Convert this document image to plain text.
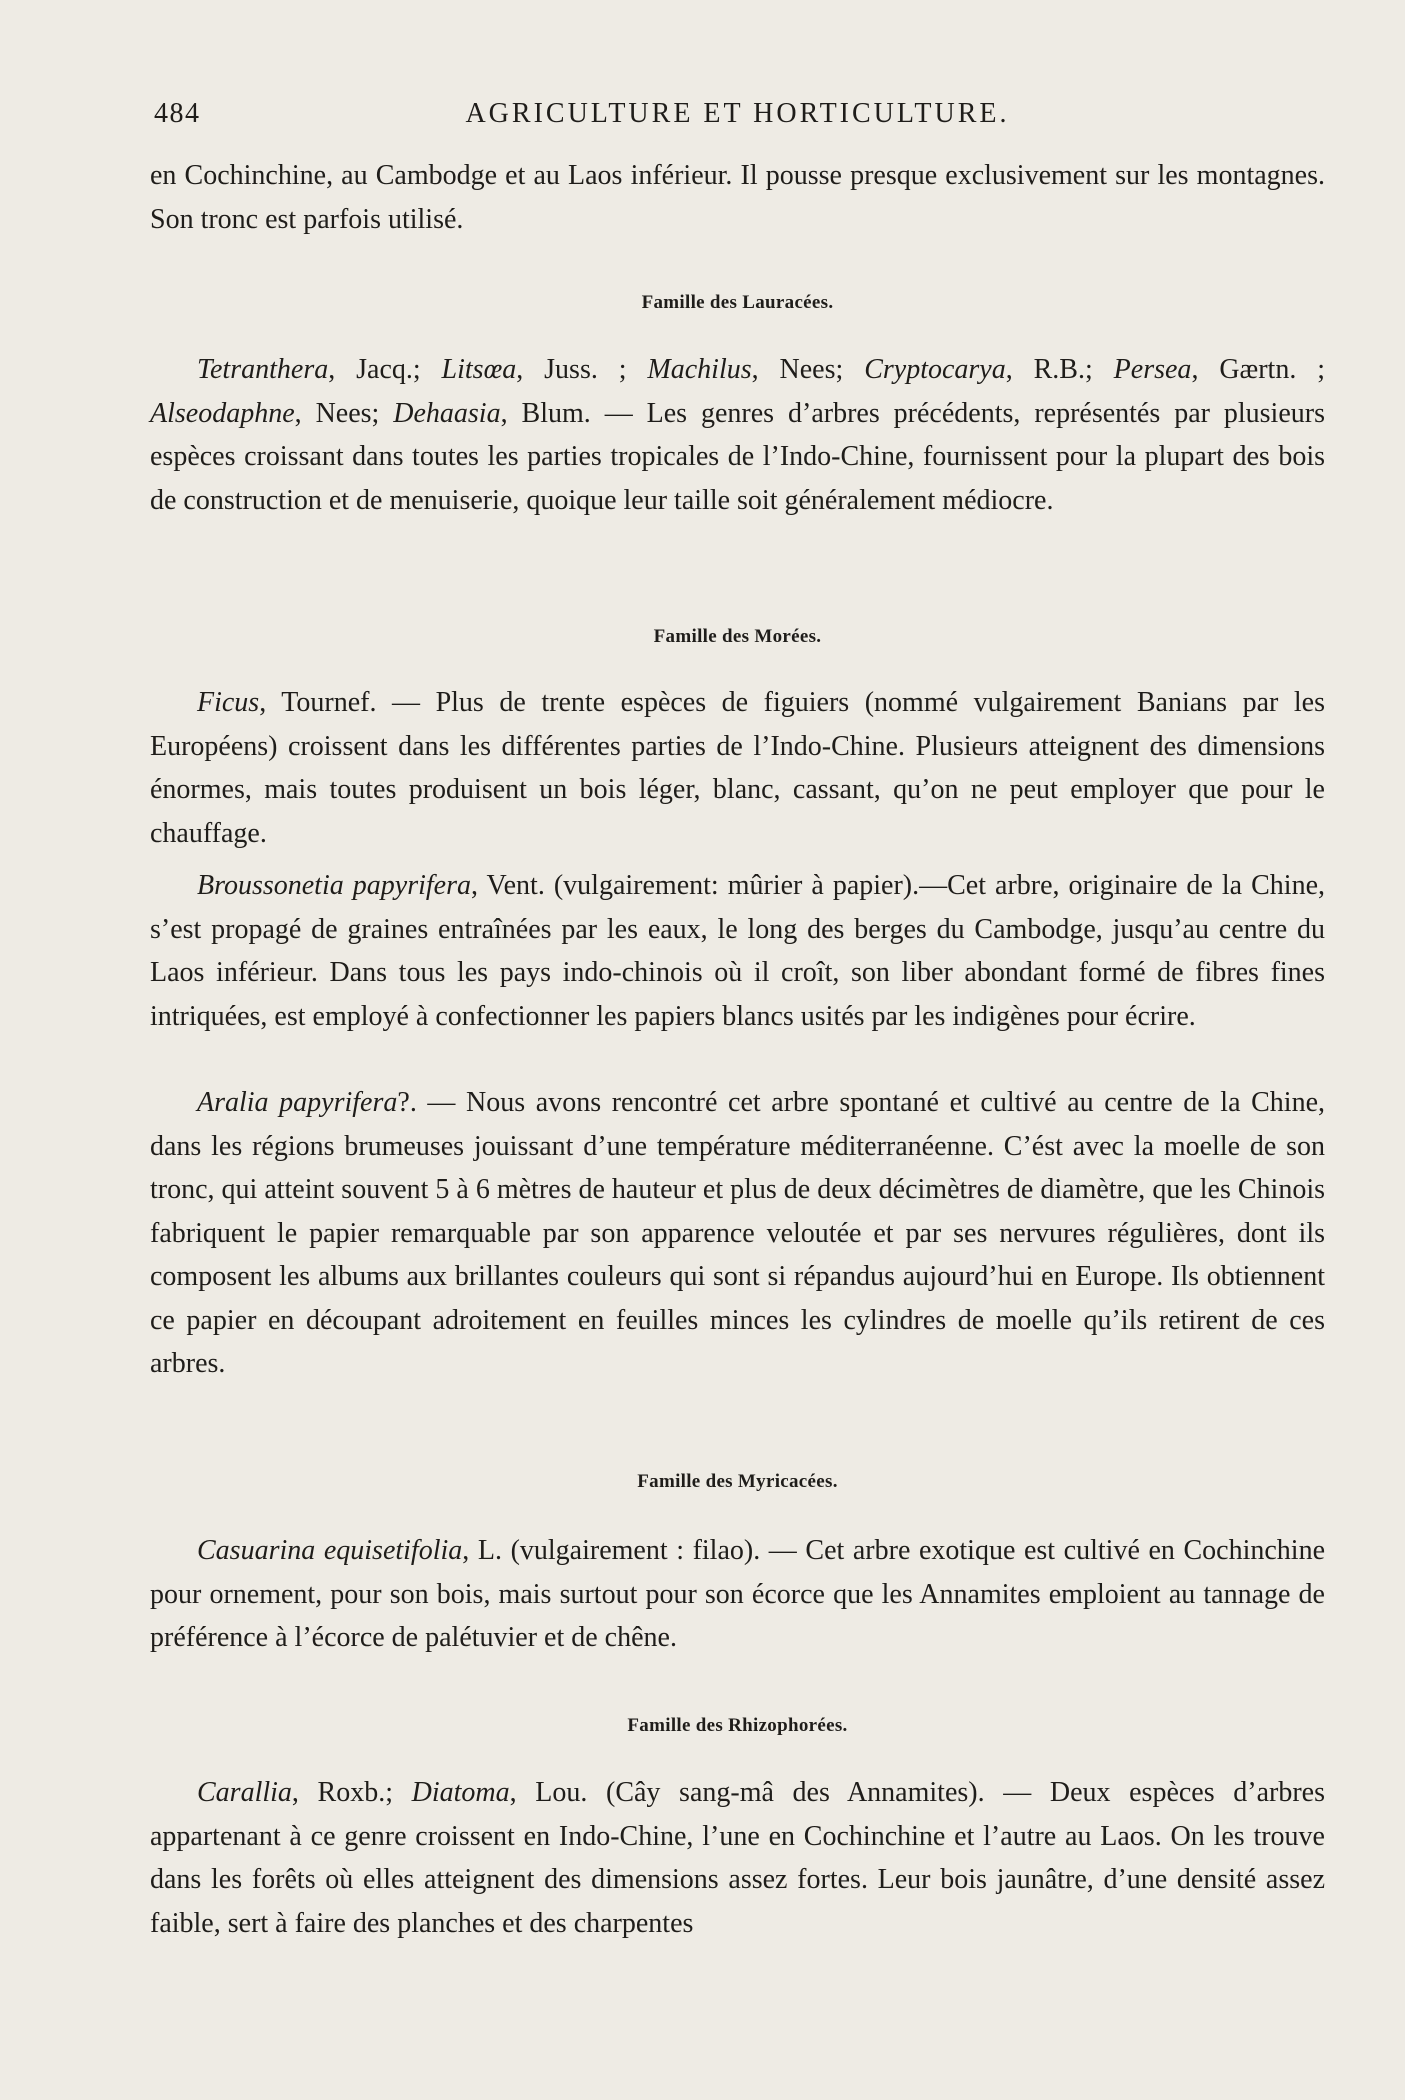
484	AGRICULTURE ET HORTICULTURE.

en Cochinchine, au Cambodge et au Laos inférieur. Il pousse presque exclusivement sur les montagnes. Son tronc est parfois utilisé.

Famille des Lauracées.

Tetranthera, Jacq.; Litsœa, Juss. ; Machilus, Nees; Cryptocarya, R.B.; Persea, Gærtn. ; Alseodaphne, Nees; Dehaasia, Blum. — Les genres d’arbres précédents, représentés par plusieurs espèces croissant dans toutes les parties tropicales de l’Indo-Chine, fournissent pour la plupart des bois de construction et de menuiserie, quoique leur taille soit généralement médiocre.

Famille des Morées.

Ficus, Tournef. — Plus de trente espèces de figuiers (nommé vulgairement Banians par les Européens) croissent dans les différentes parties de l’Indo-Chine. Plusieurs atteignent des dimensions énormes, mais toutes produisent un bois léger, blanc, cassant, qu’on ne peut employer que pour le chauffage.

Broussonetia papyrifera, Vent. (vulgairement: mûrier à papier).—Cet arbre, originaire de la Chine, s’est propagé de graines entraînées par les eaux, le long des berges du Cambodge, jusqu’au centre du Laos inférieur. Dans tous les pays indo-chinois où il croît, son liber abondant formé de fibres fines intriquées, est employé à confectionner les papiers blancs usités par les indigènes pour écrire.

Aralia papyrifera?. — Nous avons rencontré cet arbre spontané et cultivé au centre de la Chine, dans les régions brumeuses jouissant d’une température méditerranéenne. C’ést avec la moelle de son tronc, qui atteint souvent 5 à 6 mètres de hauteur et plus de deux décimètres de diamètre, que les Chinois fabriquent le papier remarquable par son apparence veloutée et par ses nervures régulières, dont ils composent les albums aux brillantes couleurs qui sont si répandus aujourd’hui en Europe. Ils obtiennent ce papier en découpant adroitement en feuilles minces les cylindres de moelle qu’ils retirent de ces arbres.

Famille des Myricacées.

Casuarina equisetifolia, L. (vulgairement : filao). — Cet arbre exotique est cultivé en Cochinchine pour ornement, pour son bois, mais surtout pour son écorce que les Annamites emploient au tannage de préférence à l’écorce de palétuvier et de chêne.

Famille des Rhizophorées.

Carallia, Roxb.; Diatoma, Lou. (Cây sang-mâ des Annamites). — Deux espèces d’arbres appartenant à ce genre croissent en Indo-Chine, l’une en Cochinchine et l’autre au Laos. On les trouve dans les forêts où elles atteignent des dimensions assez fortes. Leur bois jaunâtre, d’une densité assez faible, sert à faire des planches et des charpentes
